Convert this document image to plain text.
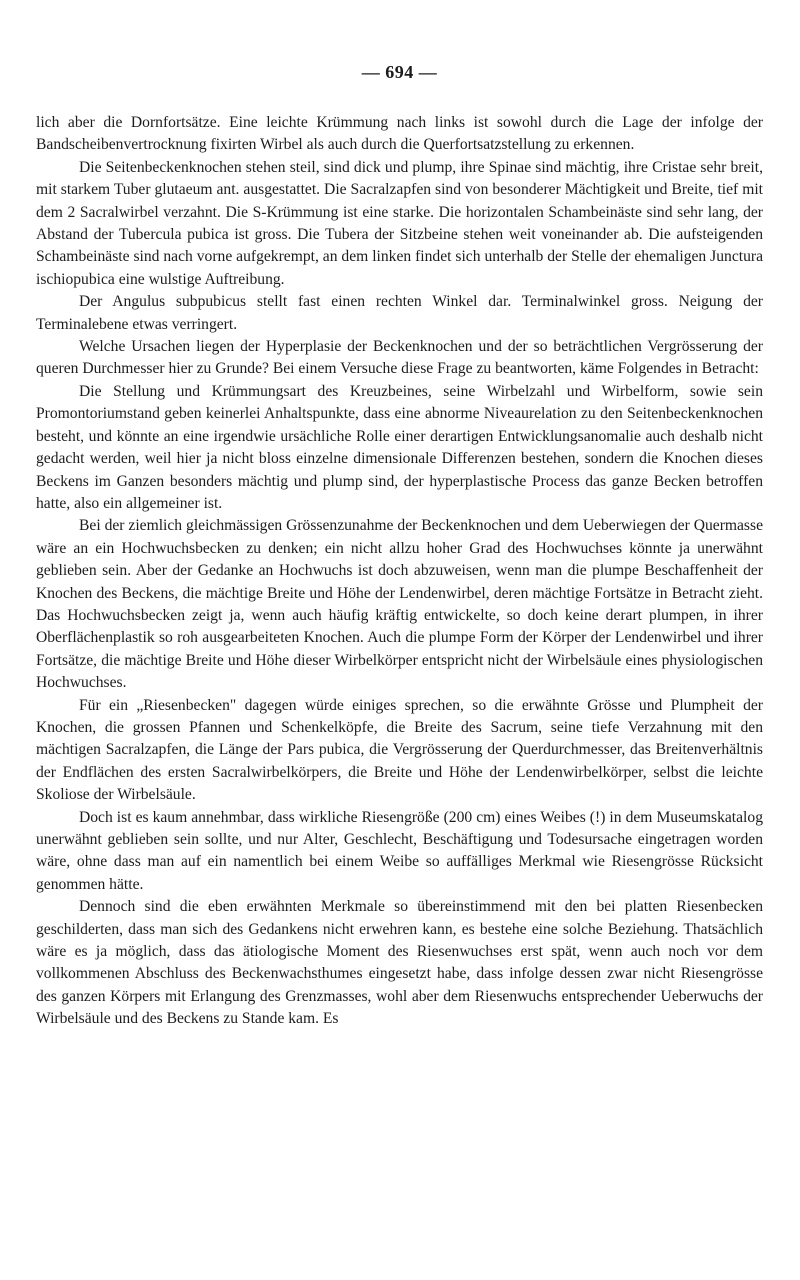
— 694 —

lich aber die Dornfortsätze. Eine leichte Krümmung nach links ist sowohl durch die Lage der infolge der Bandscheibenvertrocknung fixirten Wirbel als auch durch die Querfortsatzstellung zu erkennen.

Die Seitenbeckenknochen stehen steil, sind dick und plump, ihre Spinae sind mächtig, ihre Cristae sehr breit, mit starkem Tuber glutaeum ant. ausgestattet. Die Sacralzapfen sind von besonderer Mächtigkeit und Breite, tief mit dem 2 Sacralwirbel verzahnt. Die S-Krümmung ist eine starke. Die horizontalen Schambeinäste sind sehr lang, der Abstand der Tubercula pubica ist gross. Die Tubera der Sitzbeine stehen weit voneinander ab. Die aufsteigenden Schambeinäste sind nach vorne aufgekrempt, an dem linken findet sich unterhalb der Stelle der ehemaligen Junctura ischiopubica eine wulstige Auftreibung.

Der Angulus subpubicus stellt fast einen rechten Winkel dar. Terminalwinkel gross. Neigung der Terminalebene etwas verringert.

Welche Ursachen liegen der Hyperplasie der Beckenknochen und der so beträchtlichen Vergrösserung der queren Durchmesser hier zu Grunde? Bei einem Versuche diese Frage zu beantworten, käme Folgendes in Betracht:

Die Stellung und Krümmungsart des Kreuzbeines, seine Wirbelzahl und Wirbelform, sowie sein Promontoriumstand geben keinerlei Anhaltspunkte, dass eine abnorme Niveaurelation zu den Seitenbeckenknochen besteht, und könnte an eine irgendwie ursächliche Rolle einer derartigen Entwicklungsanomalie auch deshalb nicht gedacht werden, weil hier ja nicht bloss einzelne dimensionale Differenzen bestehen, sondern die Knochen dieses Beckens im Ganzen besonders mächtig und plump sind, der hyperplastische Process das ganze Becken betroffen hatte, also ein allgemeiner ist.

Bei der ziemlich gleichmässigen Grössenzunahme der Beckenknochen und dem Ueberwiegen der Quermasse wäre an ein Hochwuchsbecken zu denken; ein nicht allzu hoher Grad des Hochwuchses könnte ja unerwähnt geblieben sein. Aber der Gedanke an Hochwuchs ist doch abzuweisen, wenn man die plumpe Beschaffenheit der Knochen des Beckens, die mächtige Breite und Höhe der Lendenwirbel, deren mächtige Fortsätze in Betracht zieht. Das Hochwuchsbecken zeigt ja, wenn auch häufig kräftig entwickelte, so doch keine derart plumpen, in ihrer Oberflächenplastik so roh ausgearbeiteten Knochen. Auch die plumpe Form der Körper der Lendenwirbel und ihrer Fortsätze, die mächtige Breite und Höhe dieser Wirbelkörper entspricht nicht der Wirbelsäule eines physiologischen Hochwuchses.

Für ein „Riesenbecken" dagegen würde einiges sprechen, so die erwähnte Grösse und Plumpheit der Knochen, die grossen Pfannen und Schenkelköpfe, die Breite des Sacrum, seine tiefe Verzahnung mit den mächtigen Sacralzapfen, die Länge der Pars pubica, die Vergrösserung der Querdurchmesser, das Breitenverhältnis der Endflächen des ersten Sacralwirbelkörpers, die Breite und Höhe der Lendenwirbelkörper, selbst die leichte Skoliose der Wirbelsäule.

Doch ist es kaum annehmbar, dass wirkliche Riesengröße (200 cm) eines Weibes (!) in dem Museumskatalog unerwähnt geblieben sein sollte, und nur Alter, Geschlecht, Beschäftigung und Todesursache eingetragen worden wäre, ohne dass man auf ein namentlich bei einem Weibe so auffälliges Merkmal wie Riesengrösse Rücksicht genommen hätte.

Dennoch sind die eben erwähnten Merkmale so übereinstimmend mit den bei platten Riesenbecken geschilderten, dass man sich des Gedankens nicht erwehren kann, es bestehe eine solche Beziehung. Thatsächlich wäre es ja möglich, dass das ätiologische Moment des Riesenwuchses erst spät, wenn auch noch vor dem vollkommenen Abschluss des Beckenwachsthumes eingesetzt habe, dass infolge dessen zwar nicht Riesengrösse des ganzen Körpers mit Erlangung des Grenzmasses, wohl aber dem Riesenwuchs entsprechender Ueberwuchs der Wirbelsäule und des Beckens zu Stande kam. Es
